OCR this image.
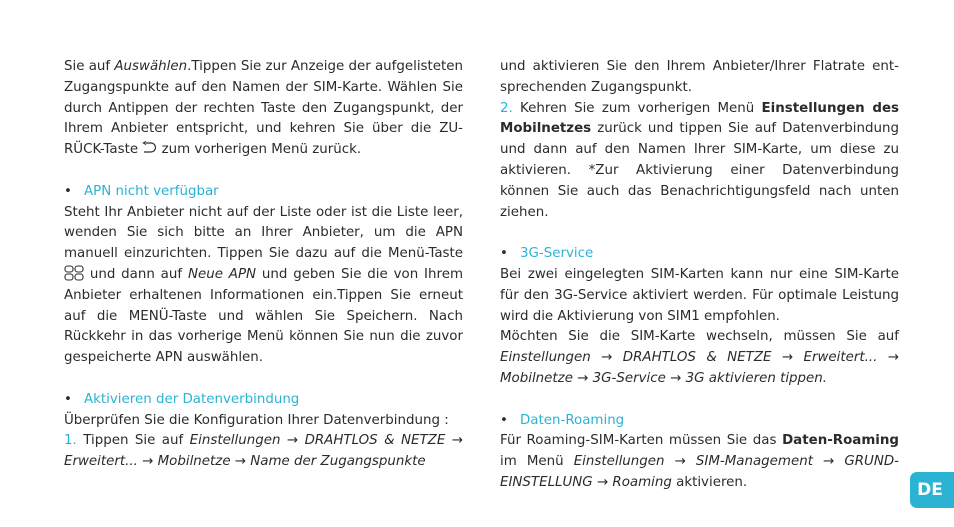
Sie auf Auswählen.Tippen Sie zur Anzeige der aufgelisteten Zugangspunkte auf den Namen der SIM-Karte. Wählen Sie durch Antippen der rechten Taste den Zugangspunkt, der Ihrem Anbieter entspricht, und kehren Sie über die ZU-RÜCK-Taste  zum vorherigen Menü zurück.

• APN nicht verfügbar

Steht Ihr Anbieter nicht auf der Liste oder ist die Liste leer, wenden Sie sich bitte an Ihrer Anbieter, um die APN manuell einzurichten. Tippen Sie dazu auf die Menü-Taste  und dann auf Neue APN und geben Sie die von Ihrem Anbieter erhaltenen Informationen ein.Tippen Sie erneut auf die MENÜ-Taste und wählen Sie Speichern. Nach Rückkehr in das vorherige Menü können Sie nun die zuvor gespeicherte APN auswählen.

• Aktivieren der Datenverbindung

Überprüfen Sie die Konfiguration Ihrer Datenverbindung :

1. Tippen Sie auf Einstellungen → DRAHTLOS & NETZE → Erweitert... → Mobilnetze → Name der Zugangspunkte

und aktivieren Sie den Ihrem Anbieter/Ihrer Flatrate ent-sprechenden Zugangspunkt.

2. Kehren Sie zum vorherigen Menü Einstellungen des Mobilnetzes zurück und tippen Sie auf Datenverbindung und dann auf den Namen Ihrer SIM-Karte, um diese zu aktivieren. *Zur Aktivierung einer Datenverbindung können Sie auch das Benachrichtigungsfeld nach unten ziehen.

• 3G-Service

Bei zwei eingelegten SIM-Karten kann nur eine SIM-Karte für den 3G-Service aktiviert werden. Für optimale Leistung wird die Aktivierung von SIM1 empfohlen.

Möchten Sie die SIM-Karte wechseln, müssen Sie auf Einstellungen → DRAHTLOS & NETZE → Erweitert... → Mobilnetze → 3G-Service → 3G aktivieren tippen.

• Daten-Roaming

Für Roaming-SIM-Karten müssen Sie das Daten-Roaming im Menü Einstellungen → SIM-Management → GRUND-EINSTELLUNG → Roaming aktivieren.	DE
